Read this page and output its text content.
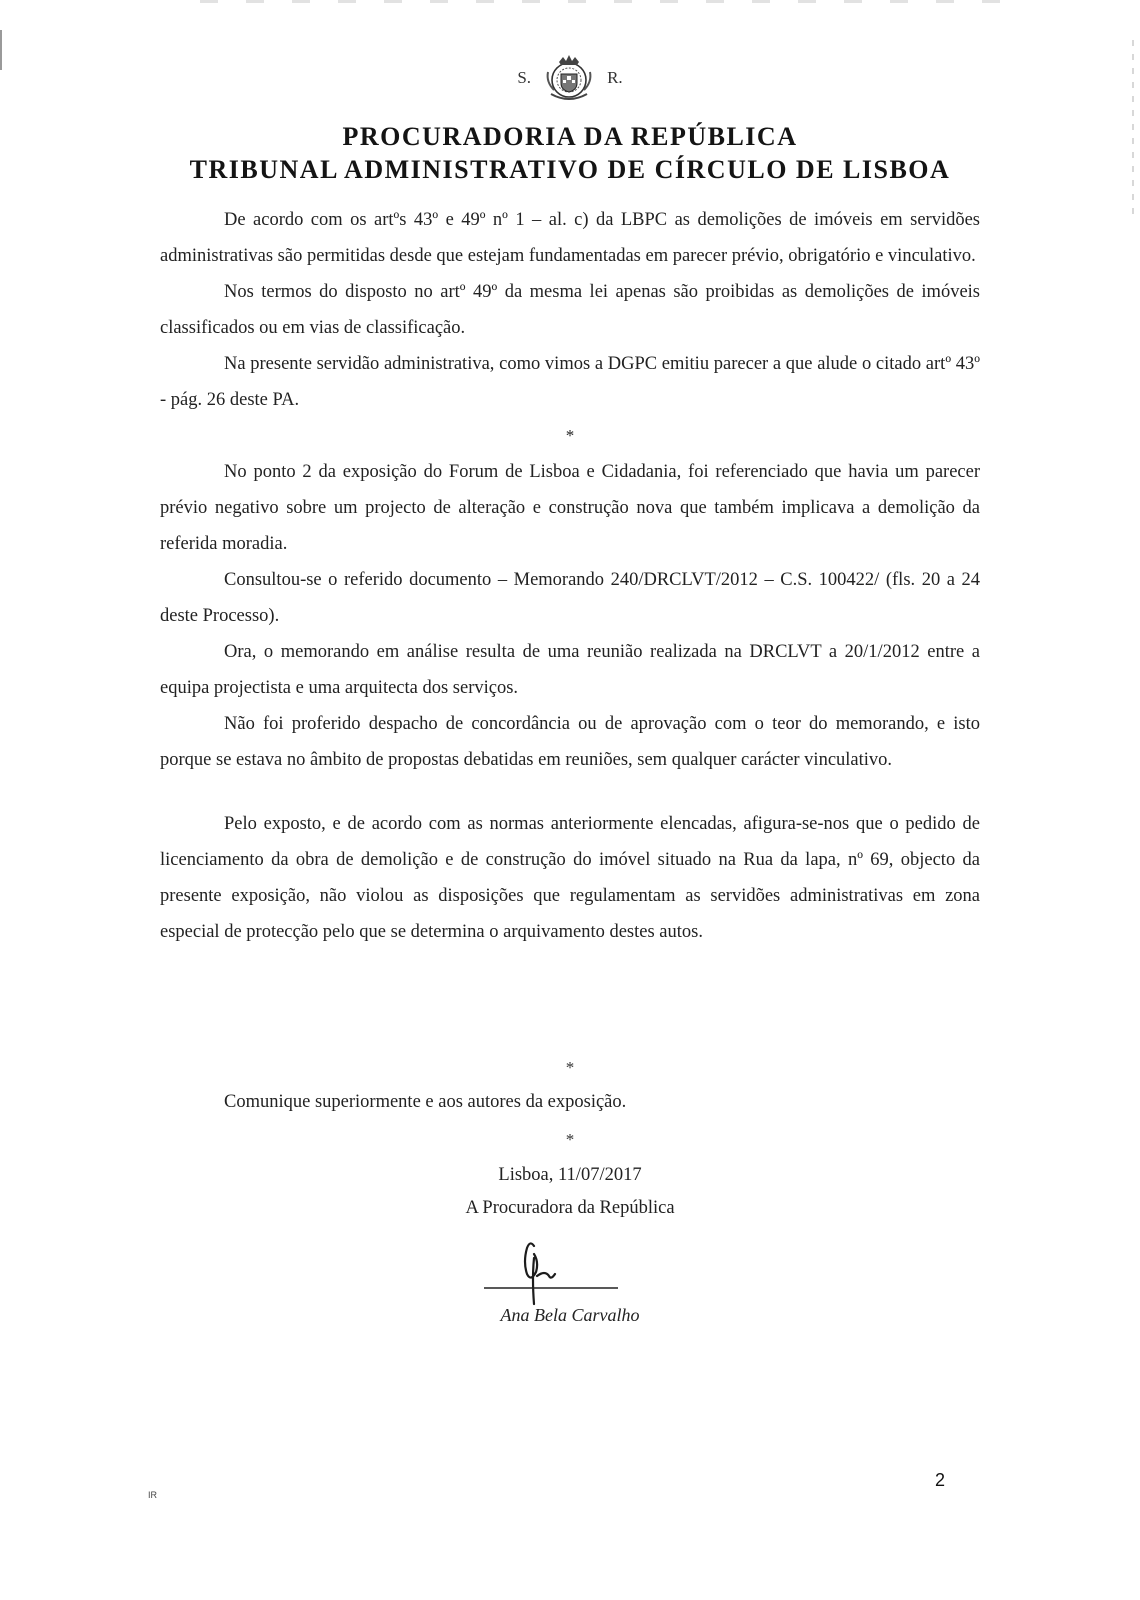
S.	R.
PROCURADORIA DA REPÚBLICA
TRIBUNAL ADMINISTRATIVO DE CÍRCULO DE LISBOA

De acordo com os artºs 43º e 49º nº 1 – al. c) da LBPC as demolições de imóveis em servidões administrativas são permitidas desde que estejam fundamentadas em parecer prévio, obrigatório e vinculativo.

Nos termos do disposto no artº 49º da mesma lei apenas são proibidas as demolições de imóveis classificados ou em vias de classificação.

Na presente servidão administrativa, como vimos a DGPC emitiu parecer a que alude o citado artº 43º - pág. 26 deste PA.

*

No ponto 2 da exposição do Forum de Lisboa e Cidadania, foi referenciado que havia um parecer prévio negativo sobre um projecto de alteração e construção nova que também implicava a demolição da referida moradia.

Consultou-se o referido documento – Memorando 240/DRCLVT/2012 – C.S. 100422/ (fls. 20 a 24 deste Processo).

Ora, o memorando em análise resulta de uma reunião realizada na DRCLVT a 20/1/2012 entre a equipa projectista e uma arquitecta dos serviços.

Não foi proferido despacho de concordância ou de aprovação com o teor do memorando, e isto porque se estava no âmbito de propostas debatidas em reuniões, sem qualquer carácter vinculativo.

Pelo exposto, e de acordo com as normas anteriormente elencadas, afigura-se-nos que o pedido de licenciamento da obra de demolição e de construção do imóvel situado na Rua da lapa, nº 69, objecto da presente exposição, não violou as disposições que regulamentam as servidões administrativas em zona especial de protecção pelo que se determina o arquivamento destes autos.

*
Comunique superiormente e aos autores da exposição.
*
Lisboa, 11/07/2017
A Procuradora da República
Ana Bela Carvalho
2
IR
